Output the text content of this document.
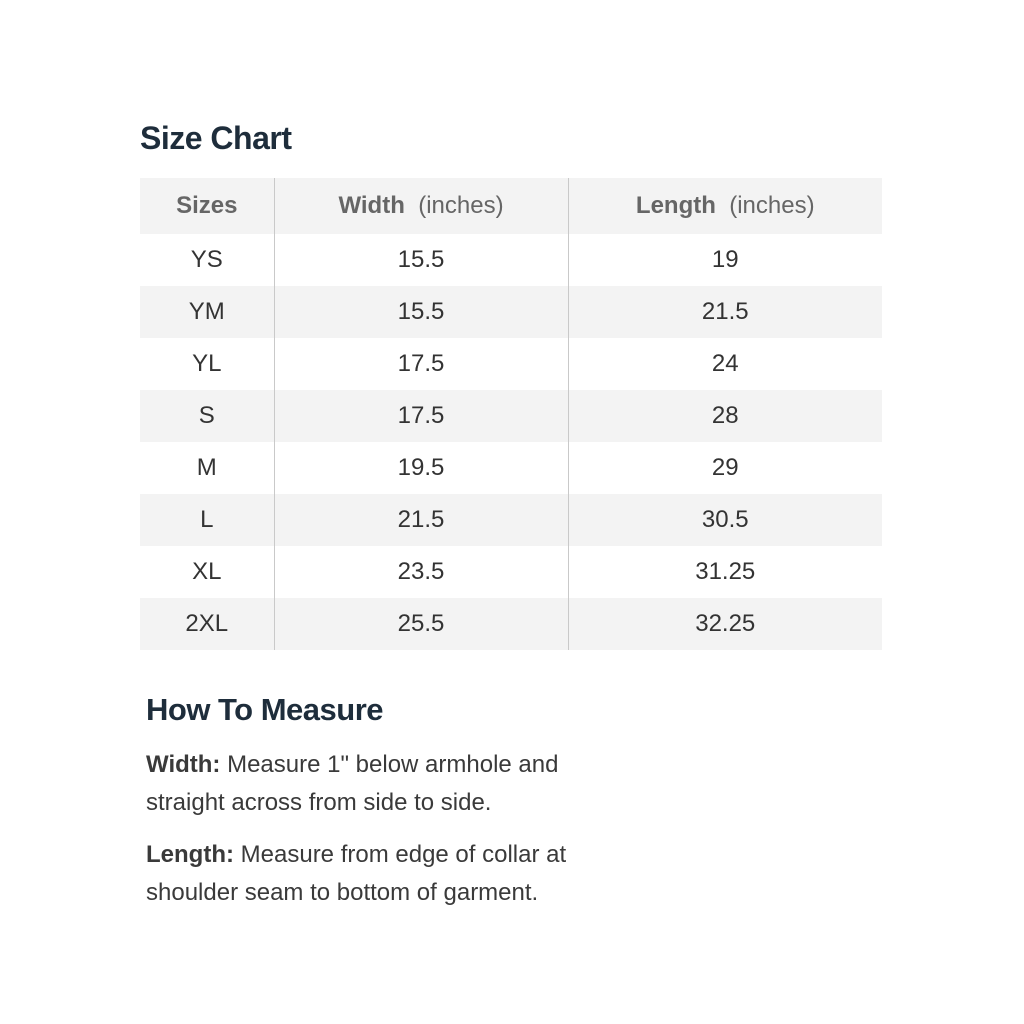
Size Chart
Sizes	Width (inches)	Length (inches)
YS	15.5	19
YM	15.5	21.5
YL	17.5	24
S	17.5	28
M	19.5	29
L	21.5	30.5
XL	23.5	31.25
2XL	25.5	32.25
How To Measure

Width: Measure 1" below armhole and straight across from side to side.

Length: Measure from edge of collar at shoulder seam to bottom of garment.
